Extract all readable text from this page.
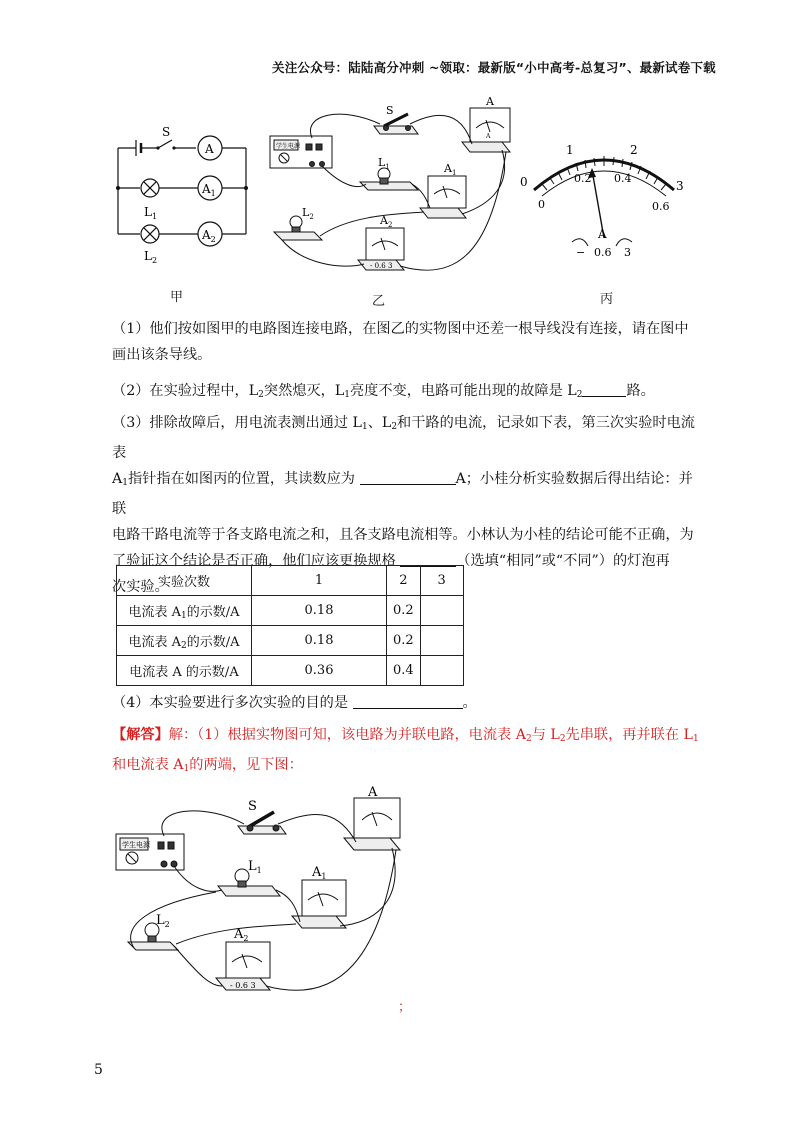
关注公众号：陆陆高分冲刺 ~领取：最新版“小中高考-总复习”、最新试卷下载
S
A
$A_1$
$A_2$
$L_1$
$L_2$
甲
学生电源
S
A
$A_1$
$A_2$
$L_1$
$L_2$
A
- 0.6 3
乙
0
1	2
3
0
0.2 0.4
0.6
A
− 0.6 3
丙
（1）他们按如图甲的电路图连接电路，在图乙的实物图中还差一根导线没有连接，请在图中画出该条导线。
（2）在实验过程中，$L_2$突然熄灭，$L_1$亮度不变，电路可能出现的故障是 $L_2$	路。
（3）排除故障后，用电流表测出通过 $L_1$、$L_2$和干路的电流，记录如下表，第三次实验时电流表
$A_1$指针指在如图丙的位置，其读数应为	A；小桂分析实验数据后得出结论：并联
电路干路电流等于各支路电流之和，且各支路电流相等。小林认为小桂的结论可能不正确，为
了验证这个结论是否正确，他们应该更换规格	（选填“相同”或“不同”）的灯泡再
次实验。
实验次数	1	2	3
电流表 $A_1$的示数/A	0.18	0.2	
电流表 $A_2$的示数/A	0.18	0.2	
电流表 A 的示数/A	0.36	0.4	
（4）本实验要进行多次实验的目的是	。
【解答】解：（1）根据实物图可知，该电路为并联电路，电流表 $A_2$与 $L_2$先串联，再并联在 $L_1$
和电流表 $A_1$的两端，见下图：
学生电源
S
A
$A_1$
$A_2$
$L_1$
$L_2$
- 0.6 3
；
5
